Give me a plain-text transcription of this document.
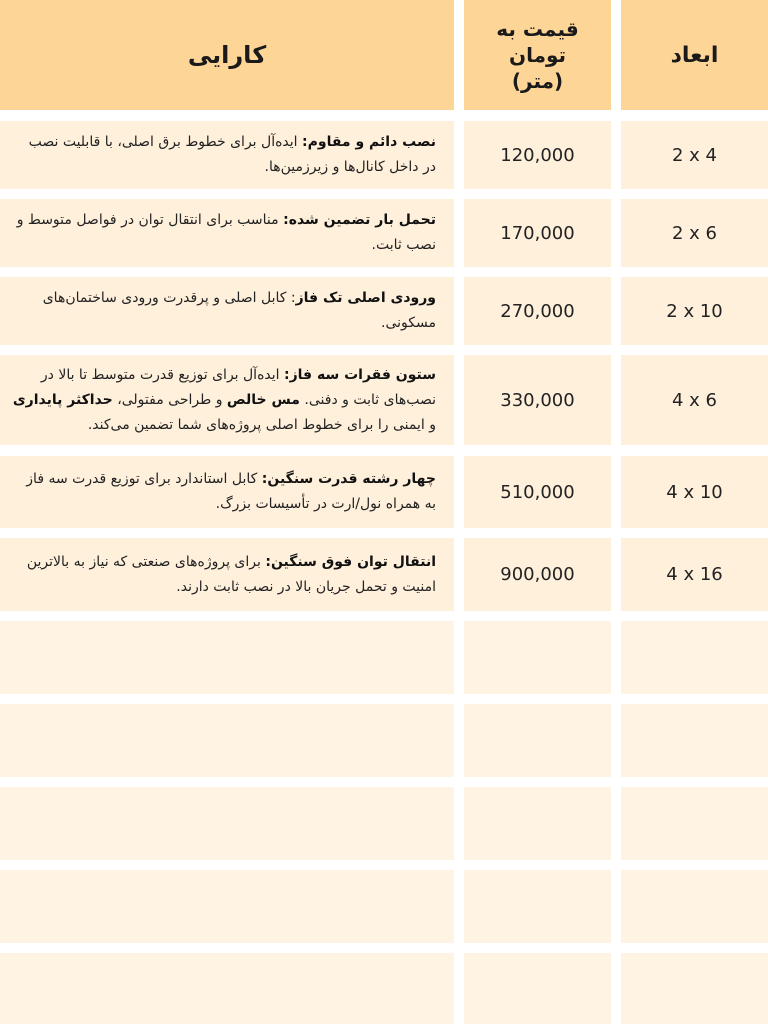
ابعاد
قیمت به
تومان
(متر)
کارایی
2 x 4
120,000
نصب دائم و مقاوم: ایده‌آل برای خطوط برق اصلی، با قابلیت نصب در داخل کانال‌ها و زیرزمین‌ها.
2 x 6
170,000
تحمل بار تضمین شده: مناسب برای انتقال توان در فواصل متوسط و نصب ثابت.
2 x 10
270,000
ورودی اصلی تک فاز: کابل اصلی و پرقدرت ورودی ساختمان‌های مسکونی.
4 x 6
330,000
ستون فقرات سه فاز: ایده‌آل برای توزیع قدرت متوسط تا بالا در نصب‌های ثابت و دفنی. مس خالص و طراحی مفتولی، حداکثر پایداری و ایمنی را برای خطوط اصلی پروژه‌های شما تضمین می‌کند.
4 x 10
510,000
چهار رشته قدرت سنگین: کابل استاندارد برای توزیع قدرت سه فاز به همراه نول/ارت در تأسیسات بزرگ.
4 x 16
900,000
انتقال توان فوق سنگین: برای پروژه‌های صنعتی که نیاز به بالاترین امنیت و تحمل جریان بالا در نصب ثابت دارند.
